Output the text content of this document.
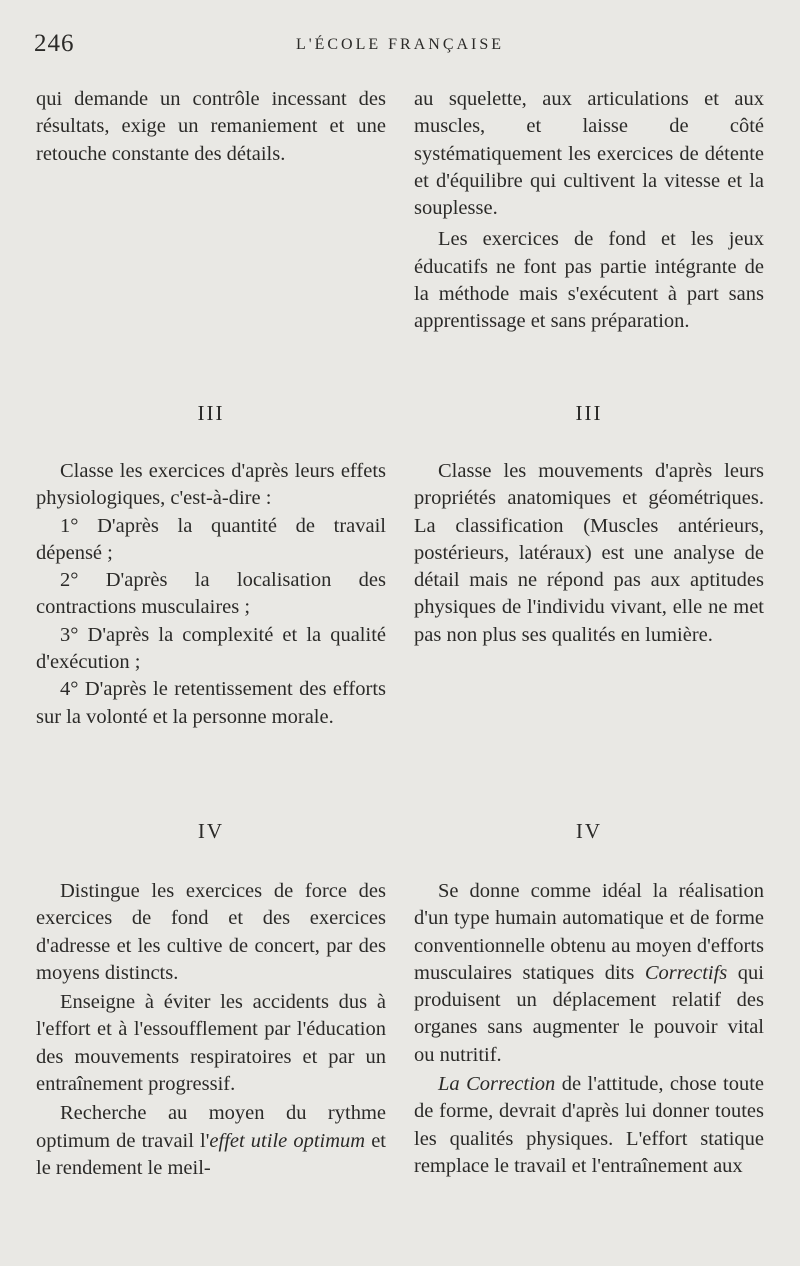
246	L'ÉCOLE FRANÇAISE

qui demande un contrôle incessant des résultats, exige un remaniement et une retouche constante des détails.

III

Classe les exercices d'après leurs effets physiologiques, c'est-à-dire :

1° D'après la quantité de travail dépensé ;

2° D'après la localisation des contractions musculaires ;

3° D'après la complexité et la qualité d'exécution ;

4° D'après le retentissement des efforts sur la volonté et la personne morale.

IV

Distingue les exercices de force des exercices de fond et des exercices d'adresse et les cultive de concert, par des moyens distincts.

Enseigne à éviter les accidents dus à l'effort et à l'essoufflement par l'éducation des mouvements respiratoires et par un entraînement progressif.

Recherche au moyen du rythme optimum de travail l'effet utile optimum et le rendement le meil-

au squelette, aux articulations et aux muscles, et laisse de côté systématiquement les exercices de détente et d'équilibre qui cultivent la vitesse et la souplesse.

Les exercices de fond et les jeux éducatifs ne font pas partie intégrante de la méthode mais s'exécutent à part sans apprentissage et sans préparation.

III

Classe les mouvements d'après leurs propriétés anatomiques et géométriques. La classification (Muscles antérieurs, postérieurs, latéraux) est une analyse de détail mais ne répond pas aux aptitudes physiques de l'individu vivant, elle ne met pas non plus ses qualités en lumière.

IV

Se donne comme idéal la réalisation d'un type humain automatique et de forme conventionnelle obtenu au moyen d'efforts musculaires statiques dits Correctifs qui produisent un déplacement relatif des organes sans augmenter le pouvoir vital ou nutritif.

La Correction de l'attitude, chose toute de forme, devrait d'après lui donner toutes les qualités physiques. L'effort statique remplace le travail et l'entraînement aux
